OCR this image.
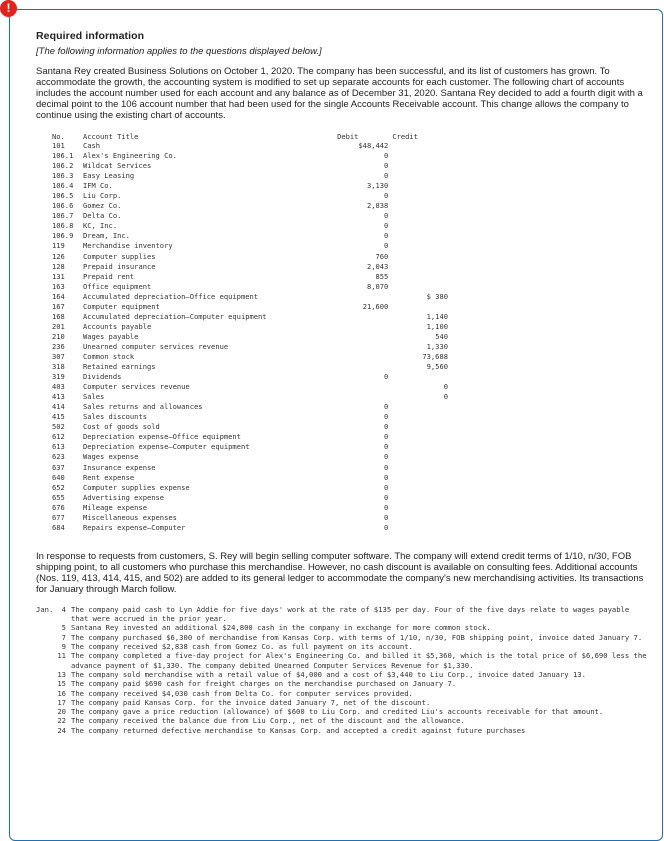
!
Required information

[The following information applies to the questions displayed below.]

Santana Rey created Business Solutions on October 1, 2020. The company has been successful, and its list of customers has grown. To accommodate the growth, the accounting system is modified to set up separate accounts for each customer. The following chart of accounts includes the account number used for each account and any balance as of December 31, 2020. Santana Rey decided to add a fourth digit with a decimal point to the 106 account number that had been used for the single Accounts Receivable account. This change allows the company to continue using the existing chart of accounts.

No.	Account Title	Debit	Credit
101	Cash	$48,442	
106.1	Alex's Engineering Co.	0	
106.2	Wildcat Services	0	
106.3	Easy Leasing	0	
106.4	IFM Co.	3,130	
106.5	Liu Corp.	0	
106.6	Gomez Co.	2,838	
106.7	Delta Co.	0	
106.8	KC, Inc.	0	
106.9	Dream, Inc.	0	
119	Merchandise inventory	0	
126	Computer supplies	760	
128	Prepaid insurance	2,043	
131	Prepaid rent	855	
163	Office equipment	8,070	
164	Accumulated depreciation—Office equipment		$ 380
167	Computer equipment	21,600	
168	Accumulated depreciation—Computer equipment		1,140
201	Accounts payable		1,100
210	Wages payable		540
236	Unearned computer services revenue		1,330
307	Common stock		73,688
318	Retained earnings		9,560
319	Dividends	0	
403	Computer services revenue		0
413	Sales		0
414	Sales returns and allowances	0	
415	Sales discounts	0	
502	Cost of goods sold	0	
612	Depreciation expense—Office equipment	0	
613	Depreciation expense—Computer equipment	0	
623	Wages expense	0	
637	Insurance expense	0	
640	Rent expense	0	
652	Computer supplies expense	0	
655	Advertising expense	0	
676	Mileage expense	0	
677	Miscellaneous expenses	0	
684	Repairs expense—Computer	0	

In response to requests from customers, S. Rey will begin selling computer software. The company will extend credit terms of 1/10, n/30, FOB shipping point, to all customers who purchase this merchandise. However, no cash discount is available on consulting fees. Additional accounts (Nos. 119, 413, 414, 415, and 502) are added to its general ledger to accommodate the company's new merchandising activities. Its transactions for January through March follow.

Jan.	4 The company paid cash to Lyn Addie for five days' work at the rate of $135 per day. Four of the five days relate to wages payable that were accrued in the prior year.
5 Santana Rey invested an additional $24,800 cash in the company in exchange for more common stock.
7 The company purchased $6,300 of merchandise from Kansas Corp. with terms of 1/10, n/30, FOB shipping point, invoice dated January 7.
9 The company received $2,838 cash from Gomez Co. as full payment on its account.
11 The company completed a five-day project for Alex's Engineering Co. and billed it $5,360, which is the total price of $6,690 less the advance payment of $1,330. The company debited Unearned Computer Services Revenue for $1,330.
13 The company sold merchandise with a retail value of $4,000 and a cost of $3,440 to Liu Corp., invoice dated January 13.
15 The company paid $690 cash for freight charges on the merchandise purchased on January 7.
16 The company received $4,030 cash from Delta Co. for computer services provided.
17 The company paid Kansas Corp. for the invoice dated January 7, net of the discount.
20 The company gave a price reduction (allowance) of $600 to Liu Corp. and credited Liu's accounts receivable for that amount.
22 The company received the balance due from Liu Corp., net of the discount and the allowance.
24 The company returned defective merchandise to Kansas Corp. and accepted a credit against future purchases
